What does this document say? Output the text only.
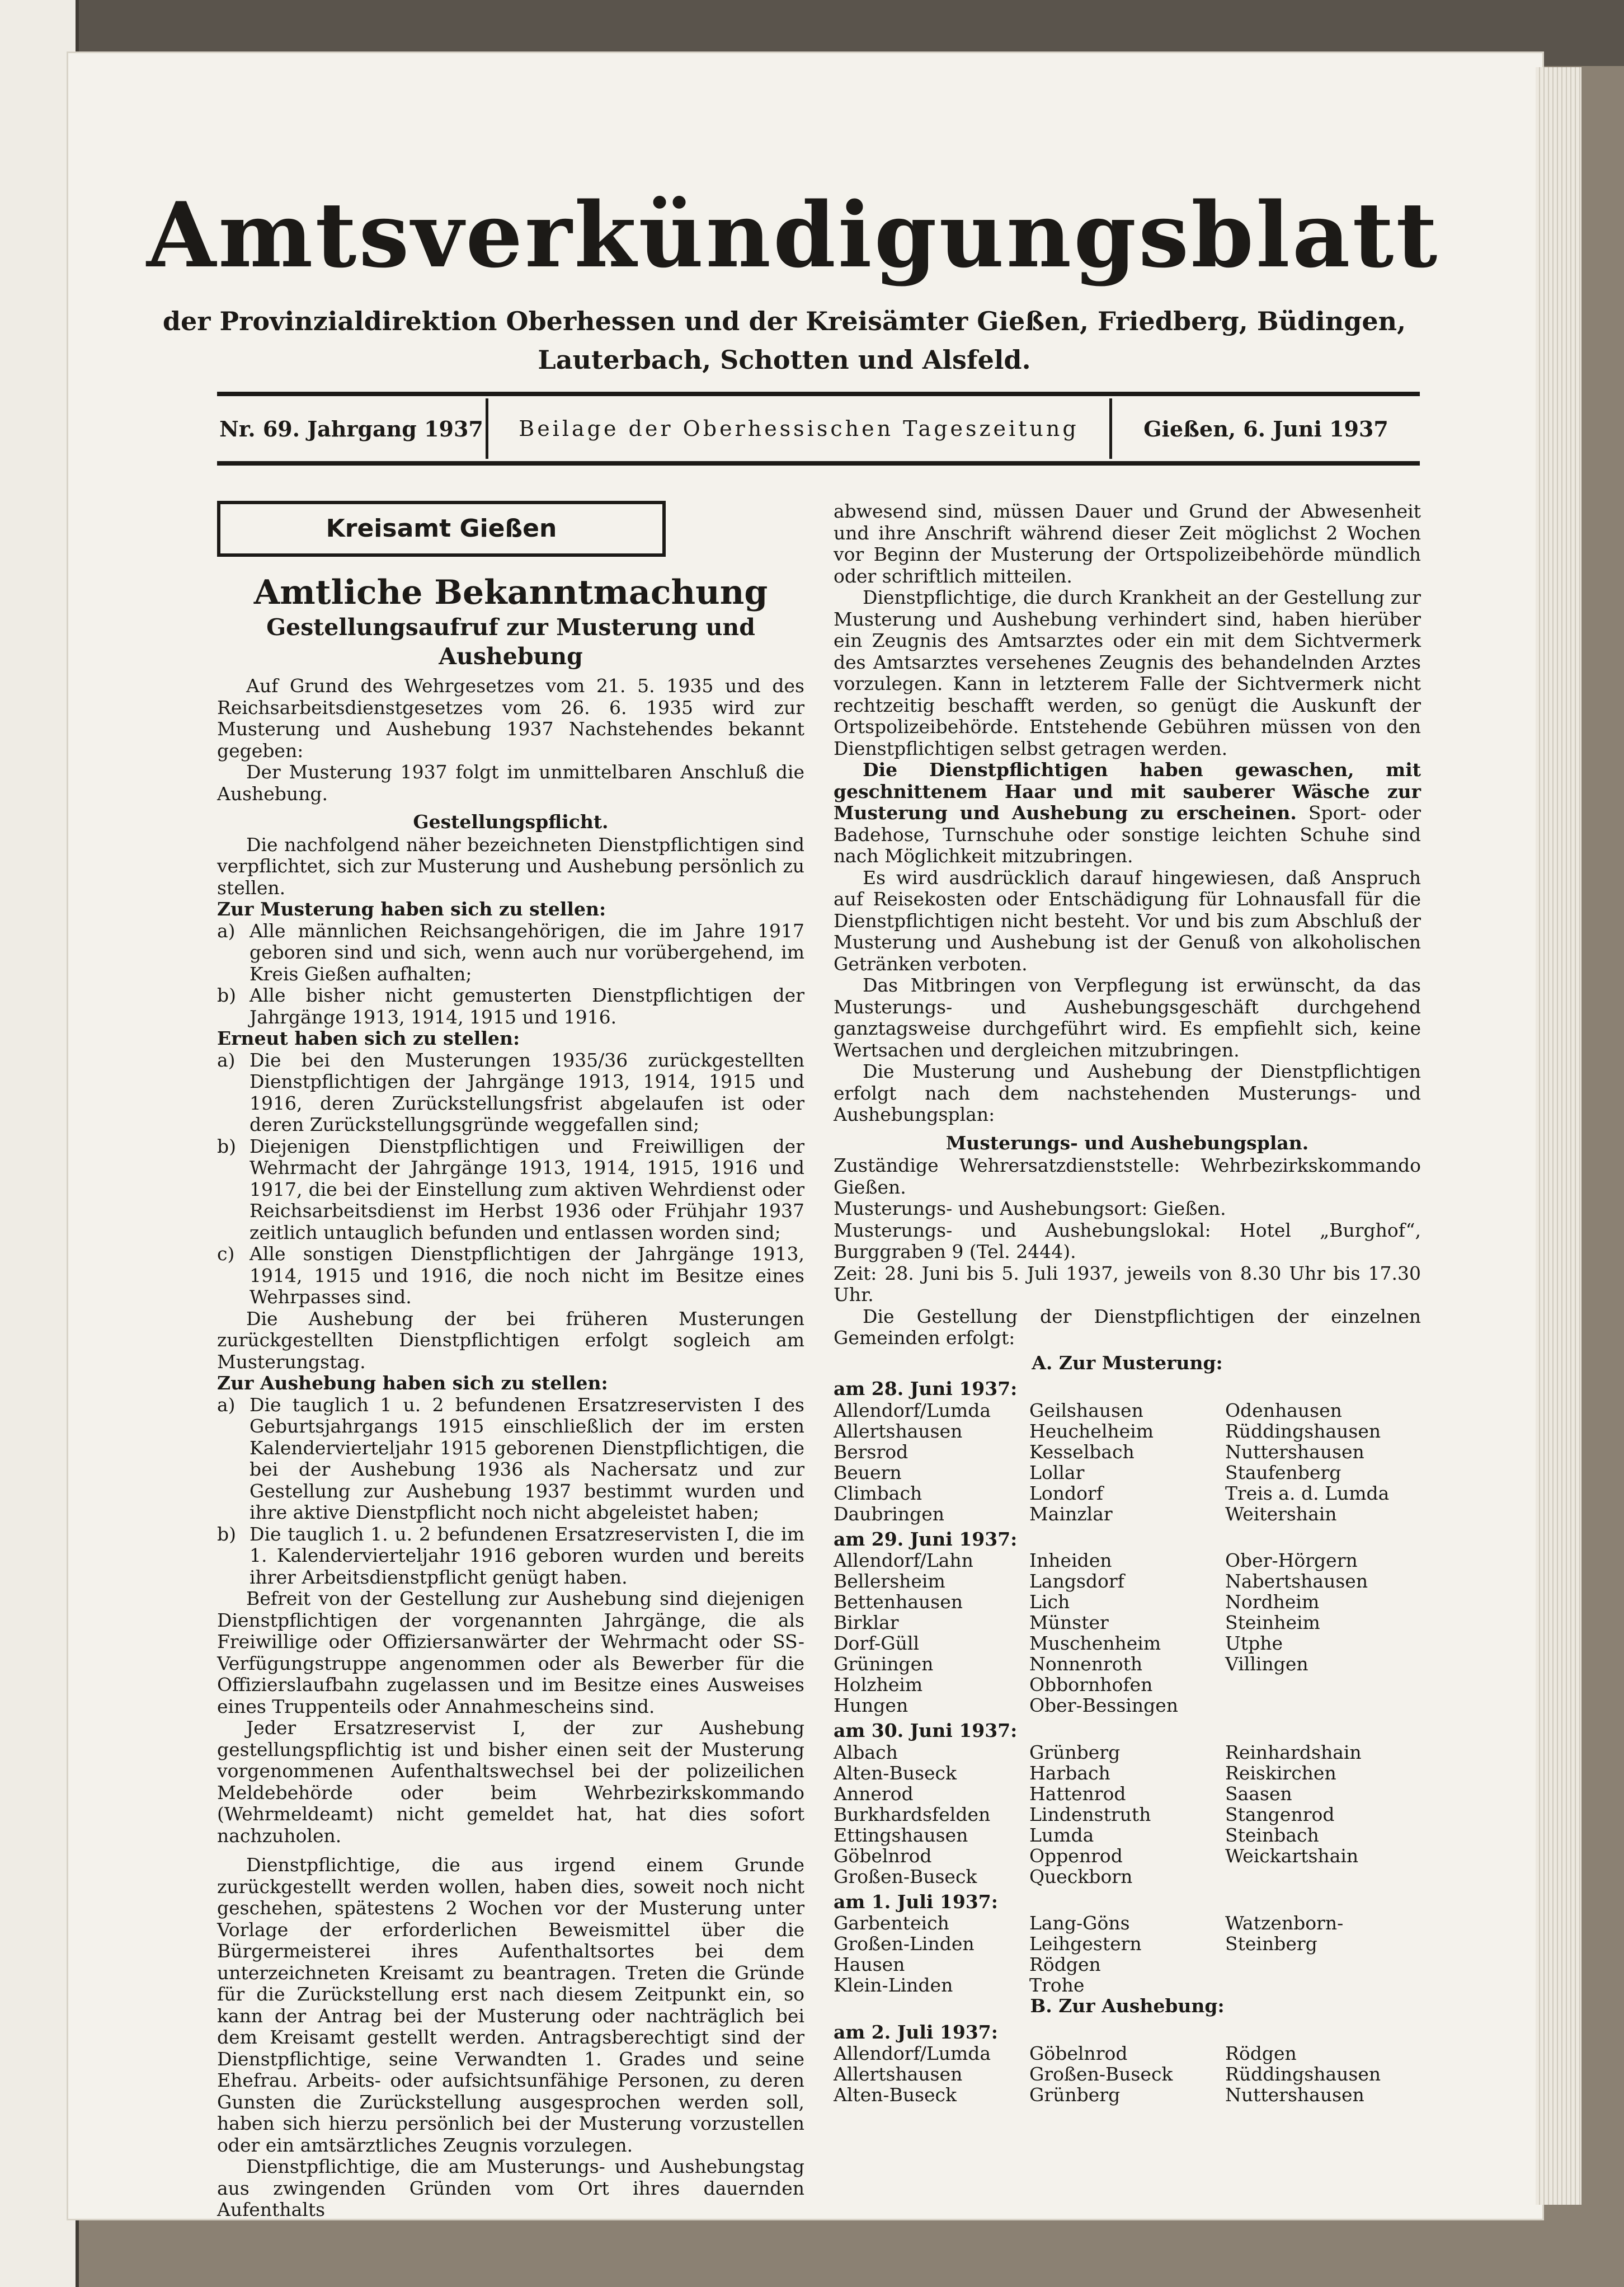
Amtsverkündigungsblatt
der Provinzialdirektion Oberhessen und der Kreisämter Gießen, Friedberg, Büdingen,
Lauterbach, Schotten und Alsfeld.
Nr. 69. Jahrgang 1937	Beilage der Oberhessischen Tageszeitung	Gießen, 6. Juni 1937
Kreisamt Gießen
Amtliche Bekanntmachung
Gestellungsaufruf zur Musterung und Aushebung

Auf Grund des Wehrgesetzes vom 21. 5. 1935 und des Reichsarbeitsdienstgesetzes vom 26. 6. 1935 wird zur Musterung und Aushebung 1937 Nachstehendes bekannt gegeben:

Der Musterung 1937 folgt im unmittelbaren Anschluß die Aushebung.

Gestellungspflicht.

Die nachfolgend näher bezeichneten Dienstpflichtigen sind verpflichtet, sich zur Musterung und Aushebung persönlich zu stellen.

Zur Musterung haben sich zu stellen:
a) Alle männlichen Reichsangehörigen, die im Jahre 1917 geboren sind und sich, wenn auch nur vorübergehend, im Kreis Gießen aufhalten;
b) Alle bisher nicht gemusterten Dienstpflichtigen der Jahrgänge 1913, 1914, 1915 und 1916.
Erneut haben sich zu stellen:
a) Die bei den Musterungen 1935/36 zurückgestellten Dienstpflichtigen der Jahrgänge 1913, 1914, 1915 und 1916, deren Zurückstellungsfrist abgelaufen ist oder deren Zurückstellungsgründe weggefallen sind;
b) Diejenigen Dienstpflichtigen und Freiwilligen der Wehrmacht der Jahrgänge 1913, 1914, 1915, 1916 und 1917, die bei der Einstellung zum aktiven Wehrdienst oder Reichsarbeitsdienst im Herbst 1936 oder Frühjahr 1937 zeitlich untauglich befunden und entlassen worden sind;
c) Alle sonstigen Dienstpflichtigen der Jahrgänge 1913, 1914, 1915 und 1916, die noch nicht im Besitze eines Wehrpasses sind.

Die Aushebung der bei früheren Musterungen zurückgestellten Dienstpflichtigen erfolgt sogleich am Musterungstag.

Zur Aushebung haben sich zu stellen:
a) Die tauglich 1 u. 2 befundenen Ersatzreservisten I des Geburtsjahrgangs 1915 einschließlich der im ersten Kalendervierteljahr 1915 geborenen Dienstpflichtigen, die bei der Aushebung 1936 als Nachersatz und zur Gestellung zur Aushebung 1937 bestimmt wurden und ihre aktive Dienstpflicht noch nicht abgeleistet haben;
b) Die tauglich 1. u. 2 befundenen Ersatzreservisten I, die im 1. Kalendervierteljahr 1916 geboren wurden und bereits ihrer Arbeitsdienstpflicht genügt haben.

Befreit von der Gestellung zur Aushebung sind diejenigen Dienstpflichtigen der vorgenannten Jahrgänge, die als Freiwillige oder Offiziersanwärter der Wehrmacht oder SS-Verfügungstruppe angenommen oder als Bewerber für die Offizierslaufbahn zugelassen und im Besitze eines Ausweises eines Truppenteils oder Annahmescheins sind.

Jeder Ersatzreservist I, der zur Aushebung gestellungspflichtig ist und bisher einen seit der Musterung vorgenommenen Aufenthaltswechsel bei der polizeilichen Meldebehörde oder beim Wehrbezirkskommando (Wehrmeldeamt) nicht gemeldet hat, hat dies sofort nachzuholen.

Dienstpflichtige, die aus irgend einem Grunde zurückgestellt werden wollen, haben dies, soweit noch nicht geschehen, spätestens 2 Wochen vor der Musterung unter Vorlage der erforderlichen Beweismittel über die Bürgermeisterei ihres Aufenthaltsortes bei dem unterzeichneten Kreisamt zu beantragen. Treten die Gründe für die Zurückstellung erst nach diesem Zeitpunkt ein, so kann der Antrag bei der Musterung oder nachträglich bei dem Kreisamt gestellt werden. Antragsberechtigt sind der Dienstpflichtige, seine Verwandten 1. Grades und seine Ehefrau. Arbeits- oder aufsichtsunfähige Personen, zu deren Gunsten die Zurückstellung ausgesprochen werden soll, haben sich hierzu persönlich bei der Musterung vorzustellen oder ein amtsärztliches Zeugnis vorzulegen.

Dienstpflichtige, die am Musterungs- und Aushebungstag aus zwingenden Gründen vom Ort ihres dauernden Aufenthalts

abwesend sind, müssen Dauer und Grund der Abwesenheit und ihre Anschrift während dieser Zeit möglichst 2 Wochen vor Beginn der Musterung der Ortspolizeibehörde mündlich oder schriftlich mitteilen.

Dienstpflichtige, die durch Krankheit an der Gestellung zur Musterung und Aushebung verhindert sind, haben hierüber ein Zeugnis des Amtsarztes oder ein mit dem Sichtvermerk des Amtsarztes versehenes Zeugnis des behandelnden Arztes vorzulegen. Kann in letzterem Falle der Sichtvermerk nicht rechtzeitig beschafft werden, so genügt die Auskunft der Ortspolizeibehörde. Entstehende Gebühren müssen von den Dienstpflichtigen selbst getragen werden.

Die Dienstpflichtigen haben gewaschen, mit geschnittenem Haar und mit sauberer Wäsche zur Musterung und Aushebung zu erscheinen. Sport- oder Badehose, Turnschuhe oder sonstige leichten Schuhe sind nach Möglichkeit mitzubringen.

Es wird ausdrücklich darauf hingewiesen, daß Anspruch auf Reisekosten oder Entschädigung für Lohnausfall für die Dienstpflichtigen nicht besteht. Vor und bis zum Abschluß der Musterung und Aushebung ist der Genuß von alkoholischen Getränken verboten.

Das Mitbringen von Verpflegung ist erwünscht, da das Musterungs- und Aushebungsgeschäft durchgehend ganztagsweise durchgeführt wird. Es empfiehlt sich, keine Wertsachen und dergleichen mitzubringen.

Die Musterung und Aushebung der Dienstpflichtigen erfolgt nach dem nachstehenden Musterungs- und Aushebungsplan:

Musterungs- und Aushebungsplan.
Zuständige Wehrersatzdienststelle: Wehrbezirkskommando Gießen.
Musterungs- und Aushebungsort: Gießen.
Musterungs- und Aushebungslokal: Hotel „Burghof“, Burggraben 9 (Tel. 2444).
Zeit: 28. Juni bis 5. Juli 1937, jeweils von 8.30 Uhr bis 17.30 Uhr.

Die Gestellung der Dienstpflichtigen der einzelnen Gemeinden erfolgt:

A. Zur Musterung:
am 28. Juni 1937:
Allendorf/Lumda	Geilshausen	Odenhausen
Allertshausen	Heuchelheim	Rüddingshausen
Bersrod	Kesselbach	Nuttershausen
Beuern	Lollar	Staufenberg
Climbach	Londorf	Treis a. d. Lumda
Daubringen	Mainzlar	Weitershain
am 29. Juni 1937:
Allendorf/Lahn	Inheiden	Ober-Hörgern
Bellersheim	Langsdorf	Nabertshausen
Bettenhausen	Lich	Nordheim
Birklar	Münster	Steinheim
Dorf-Güll	Muschenheim	Utphe
Grüningen	Nonnenroth	Villingen
Holzheim	Obbornhofen	
Hungen	Ober-Bessingen	
am 30. Juni 1937:
Albach	Grünberg	Reinhardshain
Alten-Buseck	Harbach	Reiskirchen
Annerod	Hattenrod	Saasen
Burkhardsfelden	Lindenstruth	Stangenrod
Ettingshausen	Lumda	Steinbach
Göbelnrod	Oppenrod	Weickartshain
Großen-Buseck	Queckborn	
am 1. Juli 1937:
Garbenteich	Lang-Göns	Watzenborn-
Großen-Linden	Leihgestern	Steinberg
Hausen	Rödgen	
Klein-Linden	Trohe	
B. Zur Aushebung:
am 2. Juli 1937:
Allendorf/Lumda	Göbelnrod	Rödgen
Allertshausen	Großen-Buseck	Rüddingshausen
Alten-Buseck	Grünberg	Nuttershausen
